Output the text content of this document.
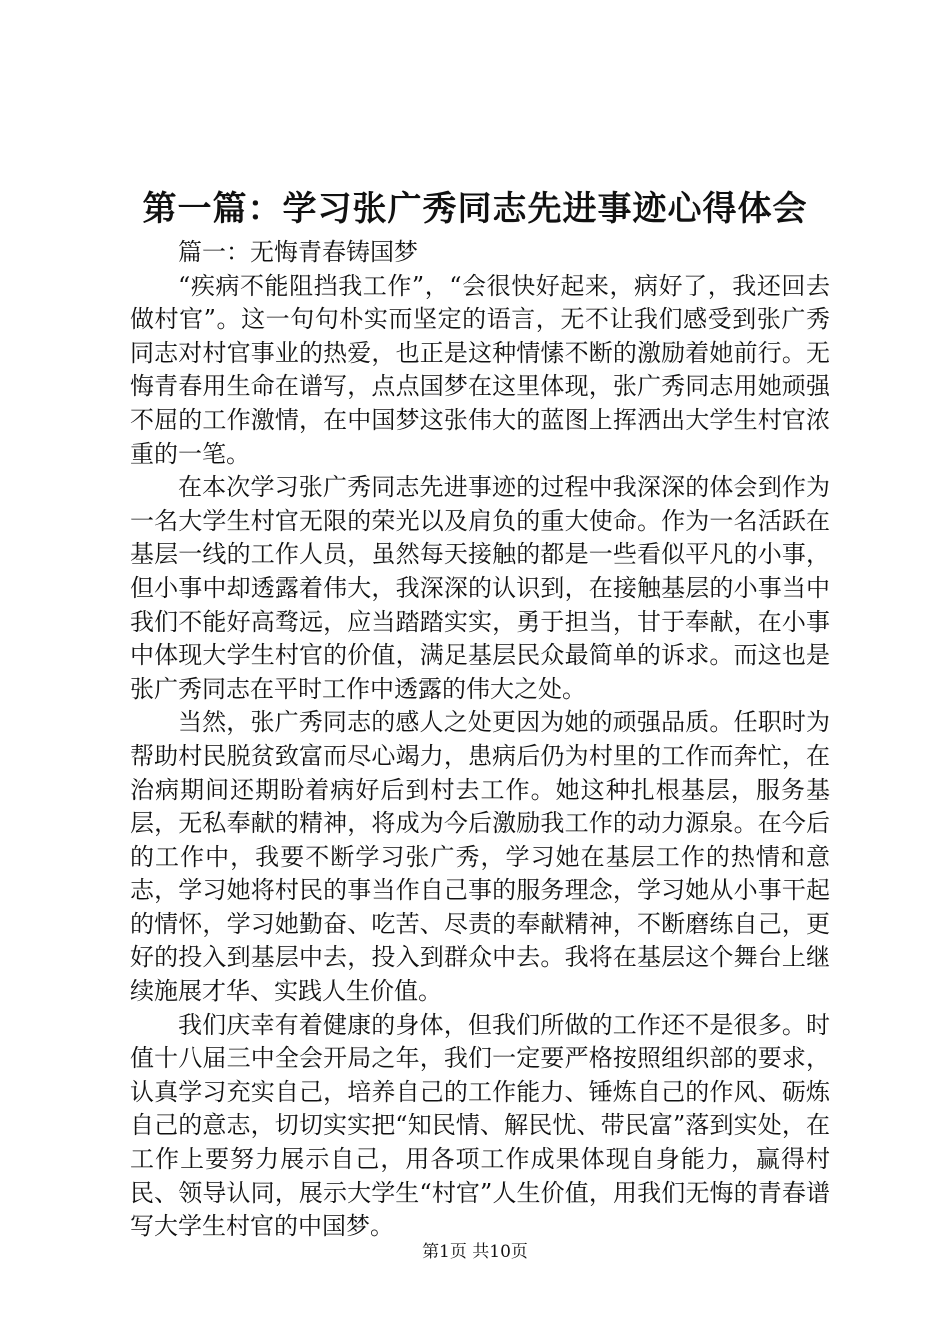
第一篇：学习张广秀同志先进事迹心得体会

篇一：无悔青春铸国梦

“疾病不能阻挡我工作”，“会很快好起来，病好了，我还回去做村官”。这一句句朴实而坚定的语言，无不让我们感受到张广秀同志对村官事业的热爱，也正是这种情愫不断的激励着她前行。无悔青春用生命在谱写，点点国梦在这里体现，张广秀同志用她顽强不屈的工作激情，在中国梦这张伟大的蓝图上挥洒出大学生村官浓重的一笔。

在本次学习张广秀同志先进事迹的过程中我深深的体会到作为一名大学生村官无限的荣光以及肩负的重大使命。作为一名活跃在基层一线的工作人员，虽然每天接触的都是一些看似平凡的小事，但小事中却透露着伟大，我深深的认识到，在接触基层的小事当中我们不能好高骛远，应当踏踏实实，勇于担当，甘于奉献，在小事中体现大学生村官的价值，满足基层民众最简单的诉求。而这也是张广秀同志在平时工作中透露的伟大之处。

当然，张广秀同志的感人之处更因为她的顽强品质。任职时为帮助村民脱贫致富而尽心竭力，患病后仍为村里的工作而奔忙，在治病期间还期盼着病好后到村去工作。她这种扎根基层，服务基层，无私奉献的精神，将成为今后激励我工作的动力源泉。在今后的工作中，我要不断学习张广秀，学习她在基层工作的热情和意志，学习她将村民的事当作自己事的服务理念，学习她从小事干起的情怀，学习她勤奋、吃苦、尽责的奉献精神，不断磨练自己，更好的投入到基层中去，投入到群众中去。我将在基层这个舞台上继续施展才华、实践人生价值。

我们庆幸有着健康的身体，但我们所做的工作还不是很多。时值十八届三中全会开局之年，我们一定要严格按照组织部的要求，认真学习充实自己，培养自己的工作能力、锤炼自己的作风、砺炼自己的意志，切切实实把“知民情、解民忧、带民富”落到实处，在工作上要努力展示自己，用各项工作成果体现自身能力，赢得村民、领导认同，展示大学生“村官”人生价值，用我们无悔的青春谱写大学生村官的中国梦。

第1页 共10页
